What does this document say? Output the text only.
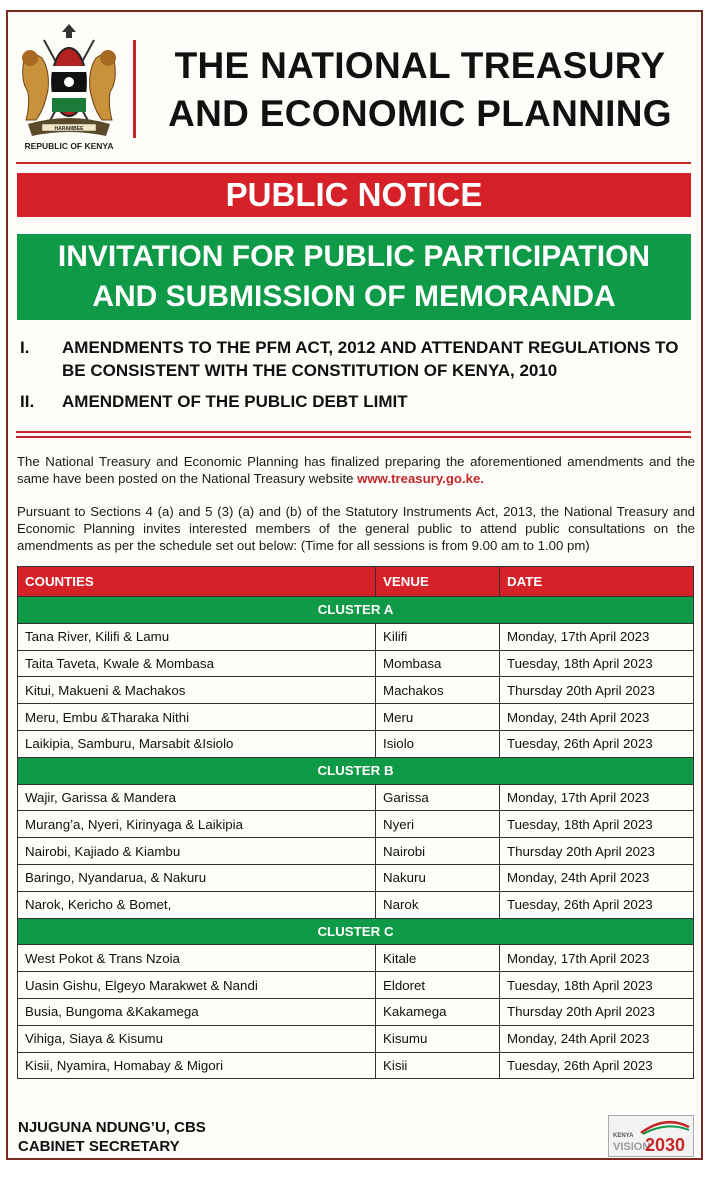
HARAMBEE
REPUBLIC OF KENYA
THE NATIONAL TREASURY
AND ECONOMIC PLANNING
PUBLIC NOTICE
INVITATION FOR PUBLIC PARTICIPATION
AND SUBMISSION OF MEMORANDA
I.	AMENDMENTS TO THE PFM ACT, 2012 AND ATTENDANT REGULATIONS TO BE CONSISTENT WITH THE CONSTITUTION OF KENYA, 2010
II.	AMENDMENT OF THE PUBLIC DEBT LIMIT
The National Treasury and Economic Planning has finalized preparing the aforementioned amendments and the same have been posted on the National Treasury website www.treasury.go.ke.
Pursuant to Sections 4 (a) and 5 (3) (a) and (b) of the Statutory Instruments Act, 2013, the National Treasury and Economic Planning invites interested members of the general public to attend public consultations on the amendments as per the schedule set out below: (Time for all sessions is from 9.00 am to 1.00 pm)
COUNTIES	VENUE	DATE
CLUSTER A		
Tana River, Kilifi & Lamu	Kilifi	Monday, 17th April 2023
Taita Taveta, Kwale & Mombasa	Mombasa	Tuesday, 18th April 2023
Kitui, Makueni & Machakos	Machakos	Thursday 20th April 2023
Meru, Embu &Tharaka Nithi	Meru	Monday, 24th April 2023
Laikipia, Samburu, Marsabit &Isiolo	Isiolo	Tuesday, 26th April 2023
CLUSTER B		
Wajir, Garissa & Mandera	Garissa	Monday, 17th April 2023
Murang’a, Nyeri, Kirinyaga & Laikipia	Nyeri	Tuesday, 18th April 2023
Nairobi, Kajiado & Kiambu	Nairobi	Thursday 20th April 2023
Baringo, Nyandarua, & Nakuru	Nakuru	Monday, 24th April 2023
Narok, Kericho & Bomet,	Narok	Tuesday, 26th April 2023
CLUSTER C		
West Pokot & Trans Nzoia	Kitale	Monday, 17th April 2023
Uasin Gishu, Elgeyo Marakwet & Nandi	Eldoret	Tuesday, 18th April 2023
Busia, Bungoma &Kakamega	Kakamega	Thursday 20th April 2023
Vihiga, Siaya & Kisumu	Kisumu	Monday, 24th April 2023
Kisii, Nyamira, Homabay & Migori	Kisii	Tuesday, 26th April 2023
NJUGUNA NDUNG’U, CBS
CABINET SECRETARY
KENYA
VISION
2030
